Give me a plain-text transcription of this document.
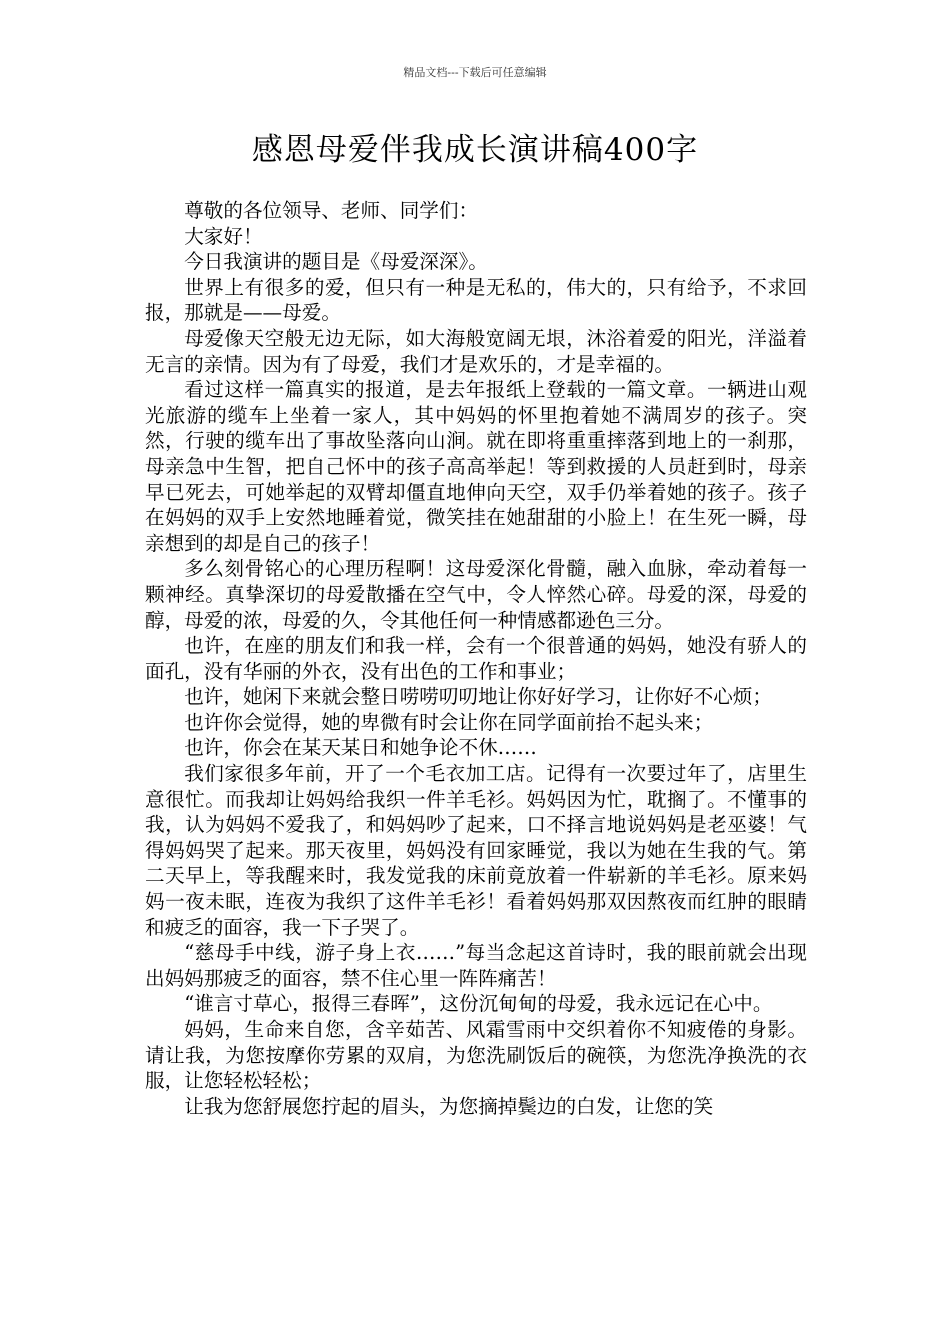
精品文档---下载后可任意编辑
感恩母爱伴我成长演讲稿400字

尊敬的各位领导、老师、同学们：

大家好！

今日我演讲的题目是《母爱深深》。

世界上有很多的爱，但只有一种是无私的，伟大的，只有给予，不求回报，那就是——母爱。

母爱像天空般无边无际，如大海般宽阔无垠，沐浴着爱的阳光，洋溢着无言的亲情。因为有了母爱，我们才是欢乐的，才是幸福的。

看过这样一篇真实的报道，是去年报纸上登载的一篇文章。一辆进山观光旅游的缆车上坐着一家人，其中妈妈的怀里抱着她不满周岁的孩子。突然，行驶的缆车出了事故坠落向山涧。就在即将重重摔落到地上的一刹那，母亲急中生智，把自己怀中的孩子高高举起！等到救援的人员赶到时，母亲早已死去，可她举起的双臂却僵直地伸向天空，双手仍举着她的孩子。孩子在妈妈的双手上安然地睡着觉，微笑挂在她甜甜的小脸上！在生死一瞬，母亲想到的却是自己的孩子！

多么刻骨铭心的心理历程啊！这母爱深化骨髓，融入血脉，牵动着每一颗神经。真挚深切的母爱散播在空气中，令人悴然心碎。母爱的深，母爱的醇，母爱的浓，母爱的久，令其他任何一种情感都逊色三分。

也许，在座的朋友们和我一样，会有一个很普通的妈妈，她没有骄人的面孔，没有华丽的外衣，没有出色的工作和事业；

也许，她闲下来就会整日唠唠叨叨地让你好好学习，让你好不心烦；

也许你会觉得，她的卑微有时会让你在同学面前抬不起头来；

也许，你会在某天某日和她争论不休……

我们家很多年前，开了一个毛衣加工店。记得有一次要过年了，店里生意很忙。而我却让妈妈给我织一件羊毛衫。妈妈因为忙，耽搁了。不懂事的我，认为妈妈不爱我了，和妈妈吵了起来，口不择言地说妈妈是老巫婆！气得妈妈哭了起来。那天夜里，妈妈没有回家睡觉，我以为她在生我的气。第二天早上，等我醒来时，我发觉我的床前竟放着一件崭新的羊毛衫。原来妈妈一夜未眠，连夜为我织了这件羊毛衫！看着妈妈那双因熬夜而红肿的眼睛和疲乏的面容，我一下子哭了。

“慈母手中线，游子身上衣……”每当念起这首诗时，我的眼前就会出现出妈妈那疲乏的面容，禁不住心里一阵阵痛苦！

“谁言寸草心，报得三春晖”，这份沉甸甸的母爱，我永远记在心中。

妈妈，生命来自您，含辛茹苦、风霜雪雨中交织着你不知疲倦的身影。请让我，为您按摩你劳累的双肩，为您洗刷饭后的碗筷，为您洗净换洗的衣服，让您轻松轻松；

让我为您舒展您拧起的眉头，为您摘掉鬓边的白发，让您的笑
